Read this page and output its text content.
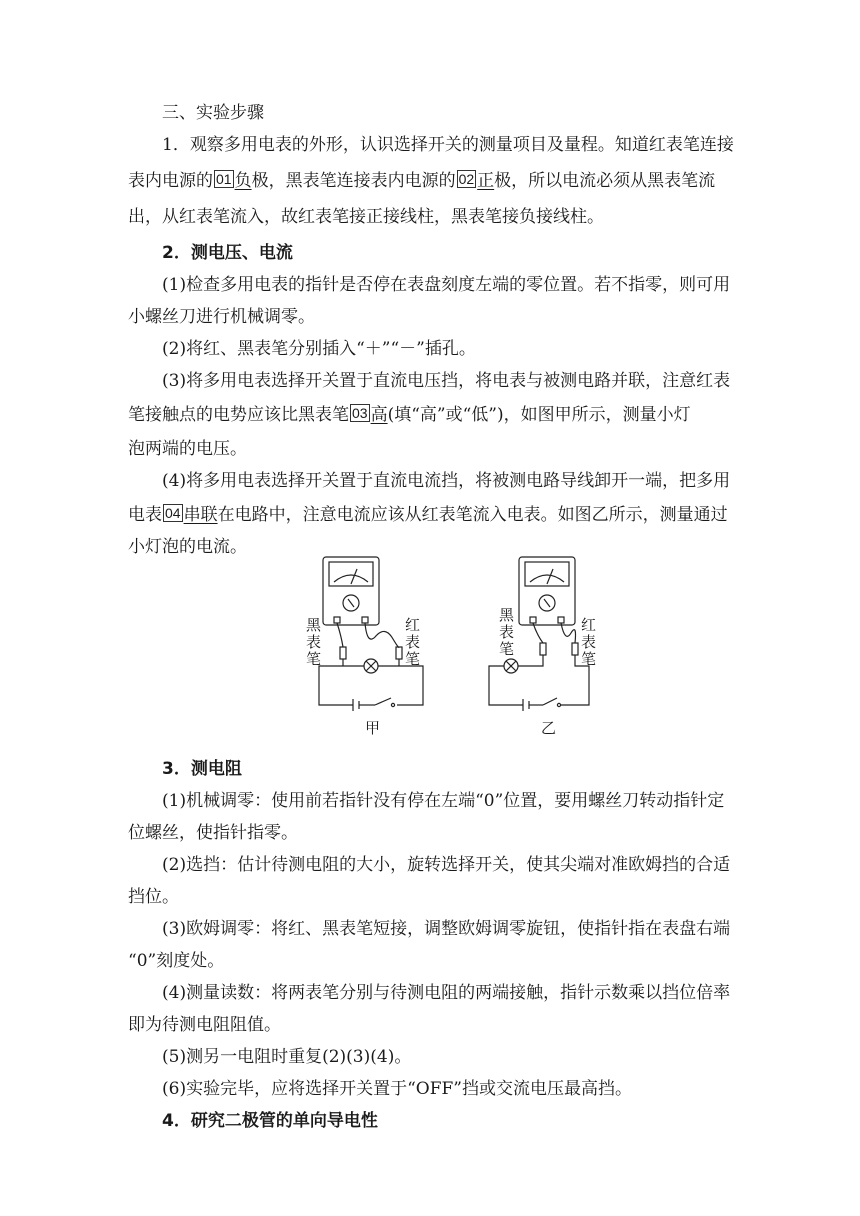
三、实验步骤
1．观察多用电表的外形，认识选择开关的测量项目及量程。知道红表笔连接
表内电源的 01 负极，黑表笔连接表内电源的 02 正极，所以电流必须从黑表笔流
出，从红表笔流入，故红表笔接正接线柱，黑表笔接负接线柱。
2．测电压、电流
(1)检查多用电表的指针是否停在表盘刻度左端的零位置。若不指零，则可用
小螺丝刀进行机械调零。
(2)将红、黑表笔分别插入“＋”“－”插孔。
(3)将多用电表选择开关置于直流电压挡，将电表与被测电路并联，注意红表
笔接触点的电势应该比黑表笔 03 高(填“高”或“低”)，如图甲所示，测量小灯
泡两端的电压。
(4)将多用电表选择开关置于直流电流挡，将被测电路导线卸开一端，把多用
电表 04 串联在电路中，注意电流应该从红表笔流入电表。如图乙所示，测量通过
小灯泡的电流。
3．测电阻
(1)机械调零：使用前若指针没有停在左端“0”位置，要用螺丝刀转动指针定
位螺丝，使指针指零。
(2)选挡：估计待测电阻的大小，旋转选择开关，使其尖端对准欧姆挡的合适
挡位。
(3)欧姆调零：将红、黑表笔短接，调整欧姆调零旋钮，使指针指在表盘右端
“0”刻度处。
(4)测量读数：将两表笔分别与待测电阻的两端接触，指针示数乘以挡位倍率
即为待测电阻阻值。
(5)测另一电阻时重复(2)(3)(4)。
(6)实验完毕，应将选择开关置于“OFF”挡或交流电压最高挡。
4．研究二极管的单向导电性
黑表笔
红表笔
甲
黑表笔
红表笔
乙
